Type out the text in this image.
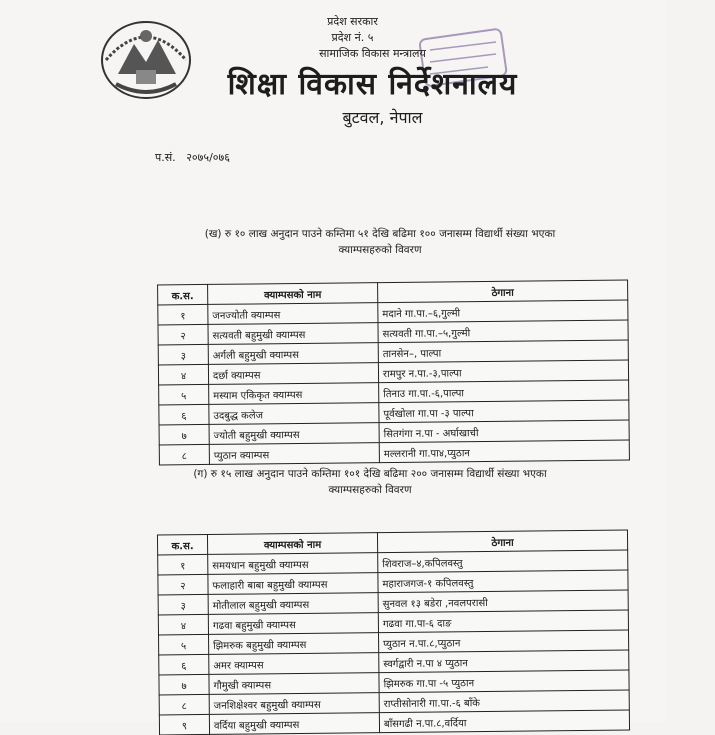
प्रदेश सरकार
प्रदेश नं. ५
सामाजिक विकास मन्त्रालय
शिक्षा विकास निर्देशनालय
बुटवल, नेपाल
प.सं. २०७५/०७६
(ख) रु १० लाख अनुदान पाउने कम्तिमा ५१ देखि बढिमा १०० जनासम्म विद्यार्थी संख्या भएका
क्याम्पसहरुको विवरण
क.स.	क्याम्पसको नाम	ठेगाना
१	जनज्योती क्याम्पस	मदाने गा.पा.–६,गुल्मी
२	सत्यवती बहुमुखी क्याम्पस	सत्यवती गा.पा.–५,गुल्मी
३	अर्गली बहुमुखी क्याम्पस	तानसेन–, पाल्पा
४	दर्छा क्याम्पस	रामपुर न.पा.-३,पाल्पा
५	मस्याम एकिकृत क्याम्पस	तिनाउ गा.पा.-६,पाल्पा
६	उदबुद्ध कलेज	पूर्वखोला गा.पा -३ पाल्पा
७	ज्योती बहुमुखी क्याम्पस	सितगंगा न.पा - अर्घाखाची
८	प्युठान क्याम्पस	मल्लरानी गा.पा४,प्युठान
(ग) रु १५ लाख अनुदान पाउने कम्तिमा १०१ देखि बढिमा २०० जनासम्म विद्यार्थी संख्या भएका
क्याम्पसहरुको विवरण
क.स.	क्याम्पसको नाम	ठेगाना
१	समयधान बहुमुखी क्याम्पस	शिवराज–४,कपिलवस्तु
२	फलाहारी बाबा बहुमुखी क्याम्पस	महाराजगज-१ कपिलवस्तु
३	मोतीलाल बहुमुखी क्याम्पस	सुनवल १३ बडेरा ,नवलपरासी
४	गढवा बहुमुखी क्याम्पस	गढवा गा.पा-६ दाङ
५	झिमरुक बहुमुखी क्याम्पस	प्युठान न.पा.८,प्युठान
६	अमर क्याम्पस	स्वर्गद्वारी न.पा ४ प्युठान
७	गौमुखी क्याम्पस	झिमरुक गा.पा -५ प्युठान
८	जनशिक्षेश्वर बहुमुखी क्याम्पस	राप्तीसोनारी गा.पा.-६ बाँके
९	वर्दिया बहुमुखी क्याम्पस	बाँसगढी न.पा.८,वर्दिया
